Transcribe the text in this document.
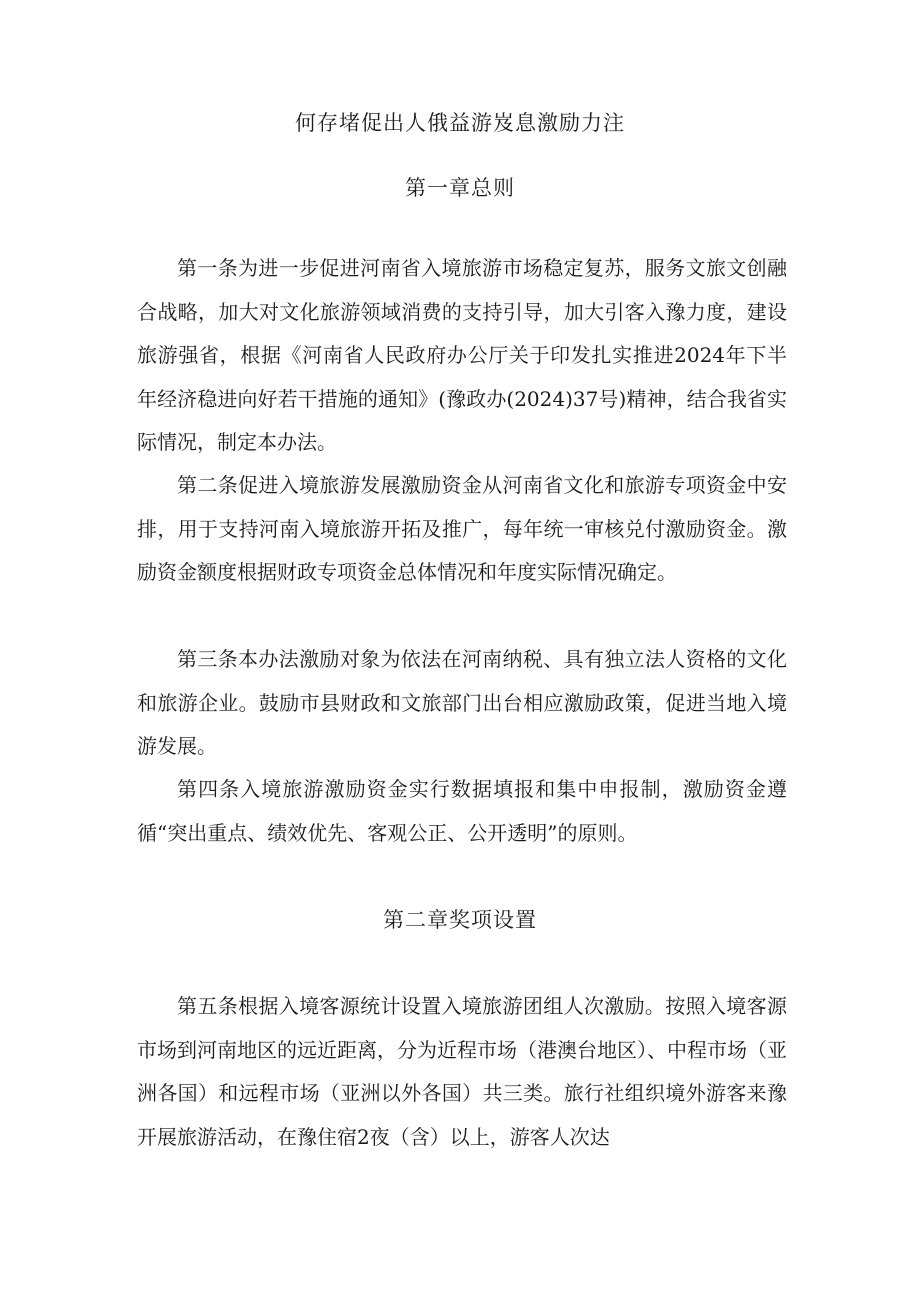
何存堵促出人俄益游岌息激励力注
第一章总则

第一条为进一步促进河南省入境旅游市场稳定复苏，服务文旅文创融合战略，加大对文化旅游领域消费的支持引导，加大引客入豫力度，建设旅游强省，根据《河南省人民政府办公厅关于印发扎实推进2024年下半年经济稳进向好若干措施的通知》(豫政办(2024)37号)精神，结合我省实际情况，制定本办法。

第二条促进入境旅游发展激励资金从河南省文化和旅游专项资金中安排，用于支持河南入境旅游开拓及推广，每年统一审核兑付激励资金。激励资金额度根据财政专项资金总体情况和年度实际情况确定。

第三条本办法激励对象为依法在河南纳税、具有独立法人资格的文化和旅游企业。鼓励市县财政和文旅部门出台相应激励政策，促进当地入境游发展。

第四条入境旅游激励资金实行数据填报和集中申报制，激励资金遵循“突出重点、绩效优先、客观公正、公开透明”的原则。

第二章奖项设置

第五条根据入境客源统计设置入境旅游团组人次激励。按照入境客源市场到河南地区的远近距离，分为近程市场（港澳台地区）、中程市场（亚洲各国）和远程市场（亚洲以外各国）共三类。旅行社组织境外游客来豫开展旅游活动，在豫住宿2夜（含）以上，游客人次达
